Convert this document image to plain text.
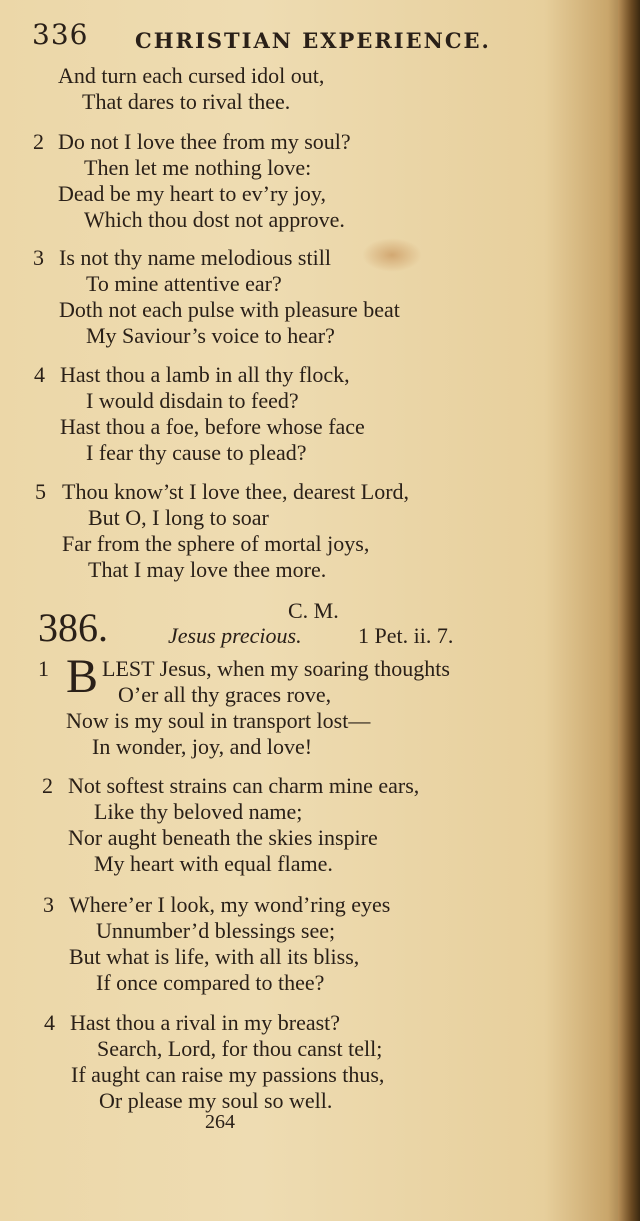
336 CHRISTIAN EXPERIENCE.
And turn each cursed idol out,
That dares to rival thee.
2 Do not I love thee from my soul?
Then let me nothing love:
Dead be my heart to ev’ry joy,
Which thou dost not approve.
3 Is not thy name melodious still
To mine attentive ear?
Doth not each pulse with pleasure beat
My Saviour’s voice to hear?
4 Hast thou a lamb in all thy flock,
I would disdain to feed?
Hast thou a foe, before whose face
I fear thy cause to plead?
5 Thou know’st I love thee, dearest Lord,
But O, I long to soar
Far from the sphere of mortal joys,
That I may love thee more.
C. M.
386.	Jesus precious.	1 Pet. ii. 7.
1 B LEST Jesus, when my soaring thoughts
O’er all thy graces rove,
Now is my soul in transport lost—
In wonder, joy, and love!
2 Not softest strains can charm mine ears,
Like thy beloved name;
Nor aught beneath the skies inspire
My heart with equal flame.
3 Where’er I look, my wond’ring eyes
Unnumber’d blessings see;
But what is life, with all its bliss,
If once compared to thee?
4 Hast thou a rival in my breast?
Search, Lord, for thou canst tell;
If aught can raise my passions thus,
Or please my soul so well.
264
